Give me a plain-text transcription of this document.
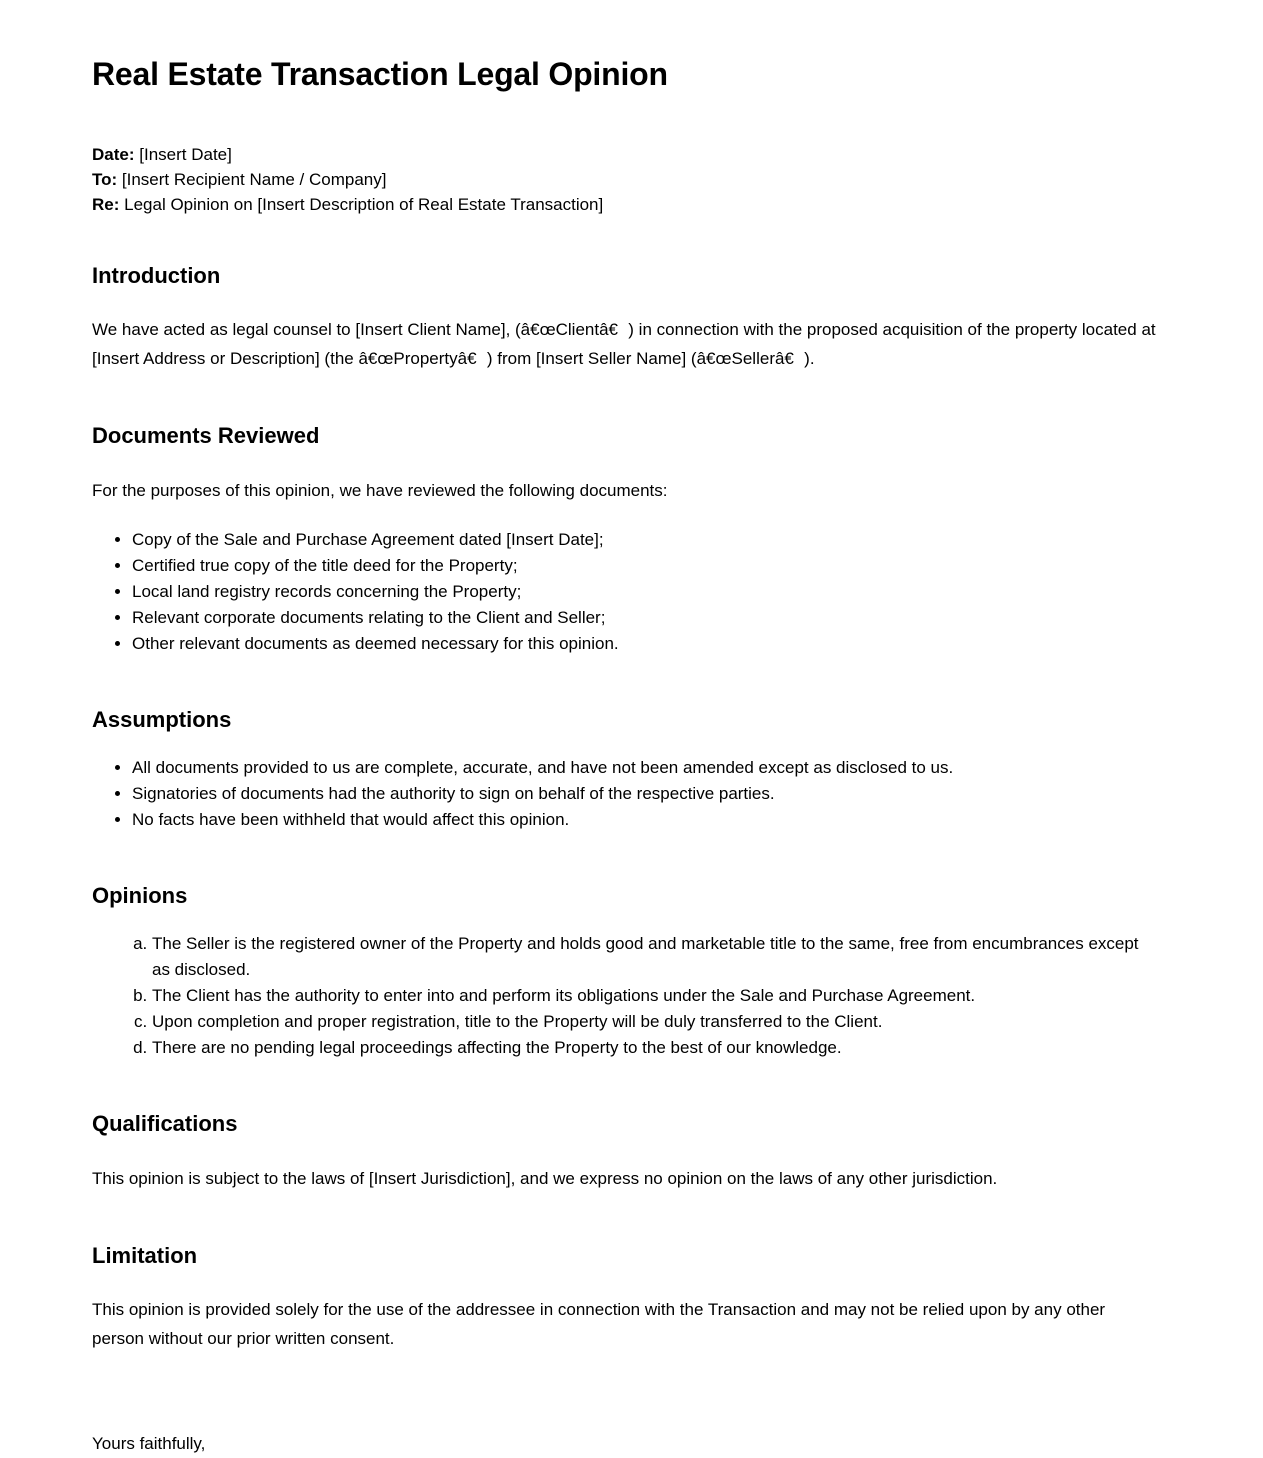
Real Estate Transaction Legal Opinion

Date: [Insert Date]

To: [Insert Recipient Name / Company]

Re: Legal Opinion on [Insert Description of Real Estate Transaction]

Introduction

We have acted as legal counsel to [Insert Client Name], (â€œClientâ€) in connection with the proposed acquisition of the property located at [Insert Address or Description] (the â€œPropertyâ€) from [Insert Seller Name] (â€œSellerâ€).

Documents Reviewed

For the purposes of this opinion, we have reviewed the following documents:

• Copy of the Sale and Purchase Agreement dated [Insert Date];
• Certified true copy of the title deed for the Property;
• Local land registry records concerning the Property;
• Relevant corporate documents relating to the Client and Seller;
• Other relevant documents as deemed necessary for this opinion.
Assumptions
• All documents provided to us are complete, accurate, and have not been amended except as disclosed to us.
• Signatories of documents had the authority to sign on behalf of the respective parties.
• No facts have been withheld that would affect this opinion.
Opinions
a. The Seller is the registered owner of the Property and holds good and marketable title to the same, free from encumbrances except as disclosed.
b. The Client has the authority to enter into and perform its obligations under the Sale and Purchase Agreement.
c. Upon completion and proper registration, title to the Property will be duly transferred to the Client.
d. There are no pending legal proceedings affecting the Property to the best of our knowledge.
Qualifications

This opinion is subject to the laws of [Insert Jurisdiction], and we express no opinion on the laws of any other jurisdiction.

Limitation

This opinion is provided solely for the use of the addressee in connection with the Transaction and may not be relied upon by any other person without our prior written consent.

Yours faithfully,
